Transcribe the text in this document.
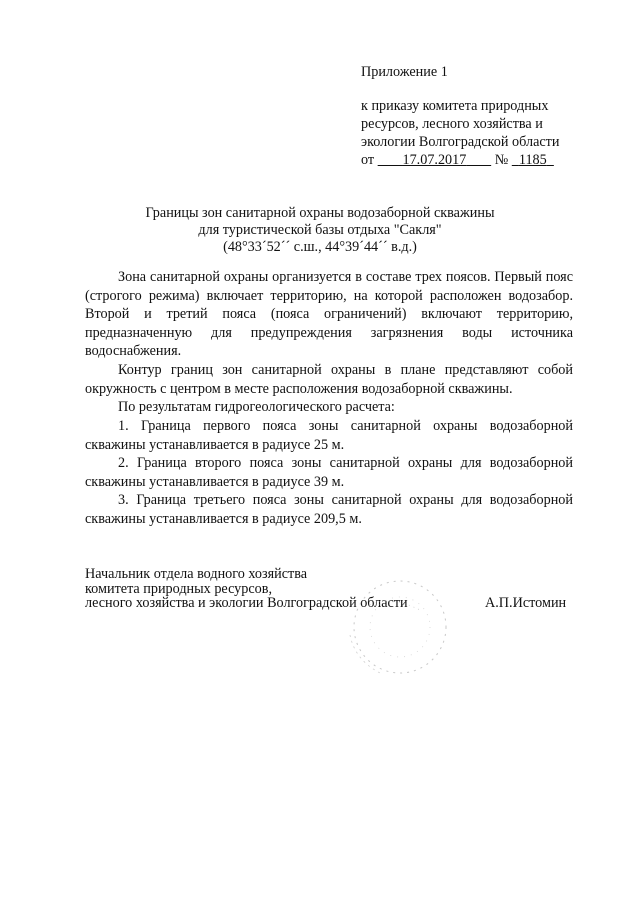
Приложение 1
к приказу комитета природных
ресурсов, лесного хозяйства и
экологии Волгоградской области
от 17.07.2017 № 1185
Границы зон санитарной охраны водозаборной скважины
для туристической базы отдыха "Сакля"
(48°33´52´´ с.ш., 44°39´44´´ в.д.)
Зона санитарной охраны организуется в составе трех поясов. Первый пояс (строгого режима) включает территорию, на которой расположен водозабор. Второй и третий пояса (пояса ограничений) включают территорию, предназначенную для предупреждения загрязнения воды источника водоснабжения.
Контур границ зон санитарной охраны в плане представляют собой окружность с центром в месте расположения водозаборной скважины.
По результатам гидрогеологического расчета:
1. Граница первого пояса зоны санитарной охраны водозаборной скважины устанавливается в радиусе 25 м.
2. Граница второго пояса зоны санитарной охраны для водозаборной скважины устанавливается в радиусе 39 м.
3. Граница третьего пояса зоны санитарной охраны для водозаборной скважины устанавливается в радиусе 209,5 м.
Начальник отдела водного хозяйства
комитета природных ресурсов,
лесного хозяйства и экологии Волгоградской области	А.П.Истомин
